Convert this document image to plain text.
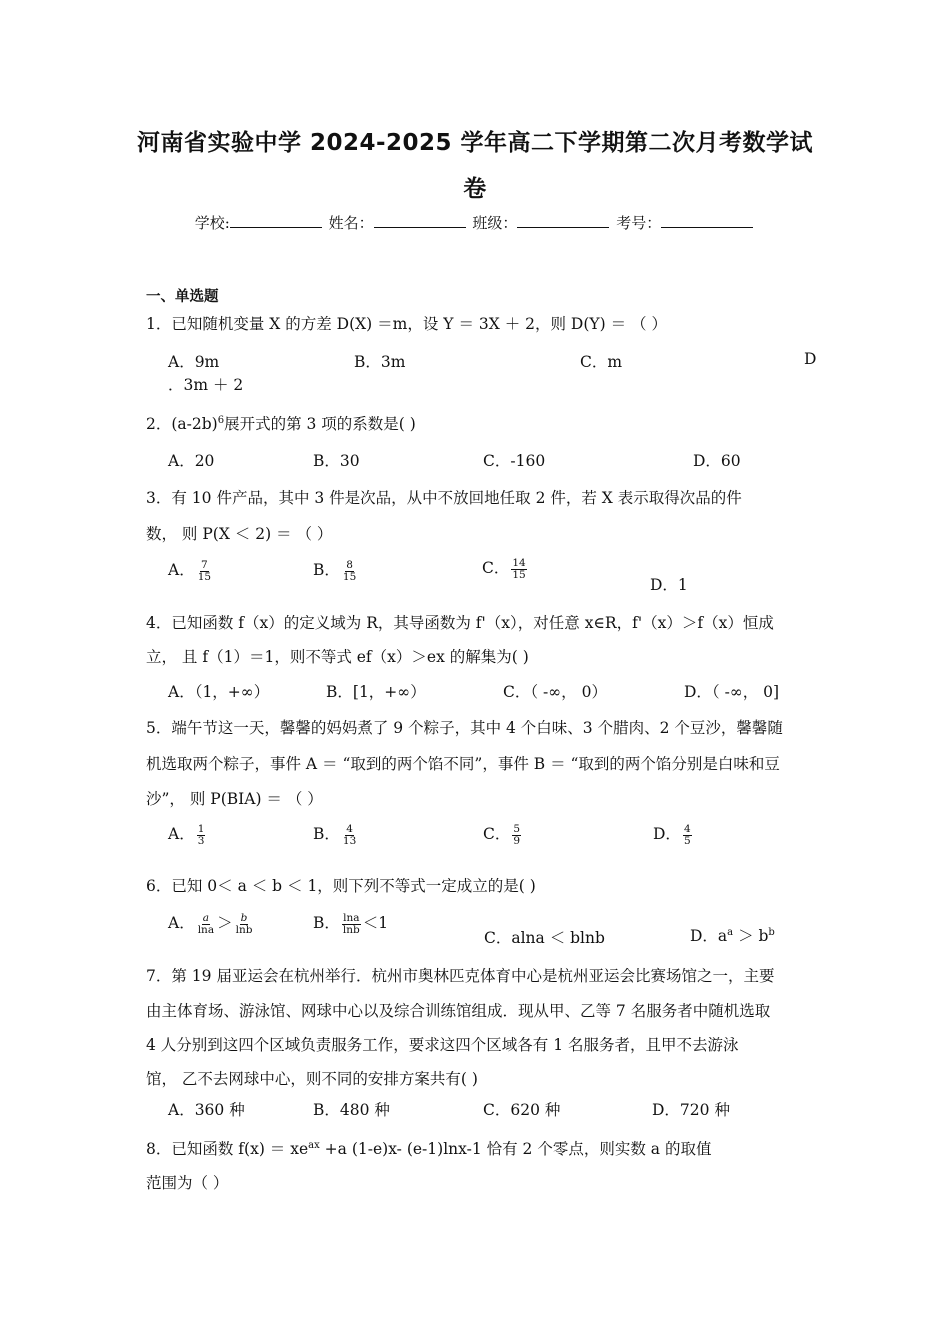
河南省实验中学 2024-2025 学年高二下学期第二次月考数学试
卷
学校:	姓名：	班级：	考号：
一、单选题
1．已知随机变量 X 的方差 D(X) ＝m，设 Y ＝ 3X ＋ 2，则 D(Y) ＝ （ ）
A．9m	B．3m	C．m	D
．3m ＋ 2
2．$(a-2b)^6$展开式的第 3 项的系数是( )
A．20	B．30	C．-160	D．60
3．有 10 件产品，其中 3 件是次品，从中不放回地任取 2 件，若 X 表示取得次品的件
数， 则 P(X ＜ 2) ＝ （ ）
A． $\frac{7}{15}$	B． $\frac{8}{15}$	C． $\frac{14}{15}$
D．1
4．已知函数 f（x）的定义域为 R，其导函数为 f'（x），对任意 x∈R，f'（x）＞f（x）恒成
立， 且 f（1）＝1，则不等式 ef（x）＞ex 的解集为( )
A．（1，+∞）	B．[1，+∞）	C．（ -∞， 0）	D．（ -∞， 0]
5．端午节这一天，馨馨的妈妈煮了 9 个粽子，其中 4 个白味、3 个腊肉、2 个豆沙，馨馨随
机选取两个粽子，事件 A ＝ “取到的两个馅不同”，事件 B ＝ “取到的两个馅分别是白味和豆
沙”， 则 P(BIA) ＝ （ ）
A． $\frac{1}{3}$	B． $\frac{4}{13}$	C． $\frac{5}{9}$	D． $\frac{4}{5}$
6．已知 0＜ a ＜ b ＜ 1，则下列不等式一定成立的是( )
A． $\frac{a}{\ln a} > \frac{b}{\ln b}$	B． $\frac{\ln a}{\ln b} <1$
C．alna ＜ blnb	D．$a^a > b^b$
7．第 19 届亚运会在杭州举行．杭州市奥林匹克体育中心是杭州亚运会比赛场馆之一，主要
由主体育场、游泳馆、网球中心以及综合训练馆组成．现从甲、乙等 7 名服务者中随机选取
4 人分别到这四个区域负责服务工作，要求这四个区域各有 1 名服务者，且甲不去游泳
馆， 乙不去网球中心，则不同的安排方案共有( )
A．360 种	B．480 种	C．620 种	D．720 种
8．已知函数 $f(x) = xe^{ax} +a$ (1-e)x- (e-1)lnx-1 恰有 2 个零点，则实数 a 的取值
范围为（ ）
